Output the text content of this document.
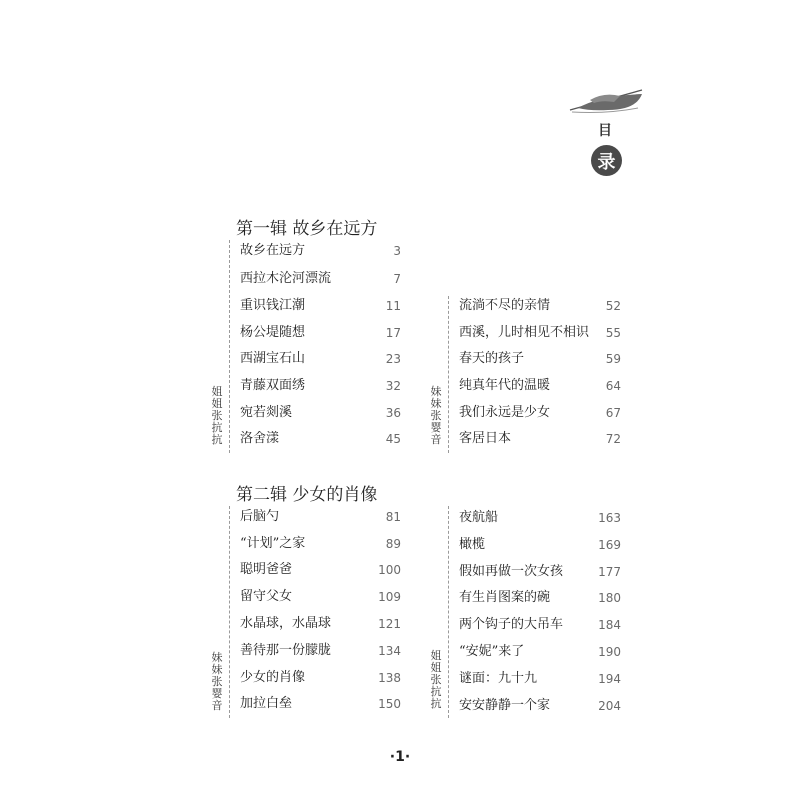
目
录
第一辑 故乡在远方
姐姐张抗抗
妹妹张婴音
故乡在远方	3
西拉木沦河漂流	7
重识钱江潮	11
杨公堤随想	17
西湖宝石山	23
青藤双面绣	32
宛若剡溪	36
洛舍漾	45
流淌不尽的亲情	52
西溪，儿时相见不相识 55
春天的孩子	59
纯真年代的温暖	64
我们永远是少女	67
客居日本	72
第二辑 少女的肖像
妹妹张婴音
姐姐张抗抗
后脑勺	81
“计划”之家	89
聪明爸爸	100
留守父女	109
水晶球，水晶球	121
善待那一份朦胧	134
少女的肖像	138
加拉白垒	150
夜航船	163
橄榄	169
假如再做一次女孩	177
有生肖图案的碗	180
两个钩子的大吊车	184
“安妮”来了	190
谜面：九十九	194
安安静静一个家	204
·1·
